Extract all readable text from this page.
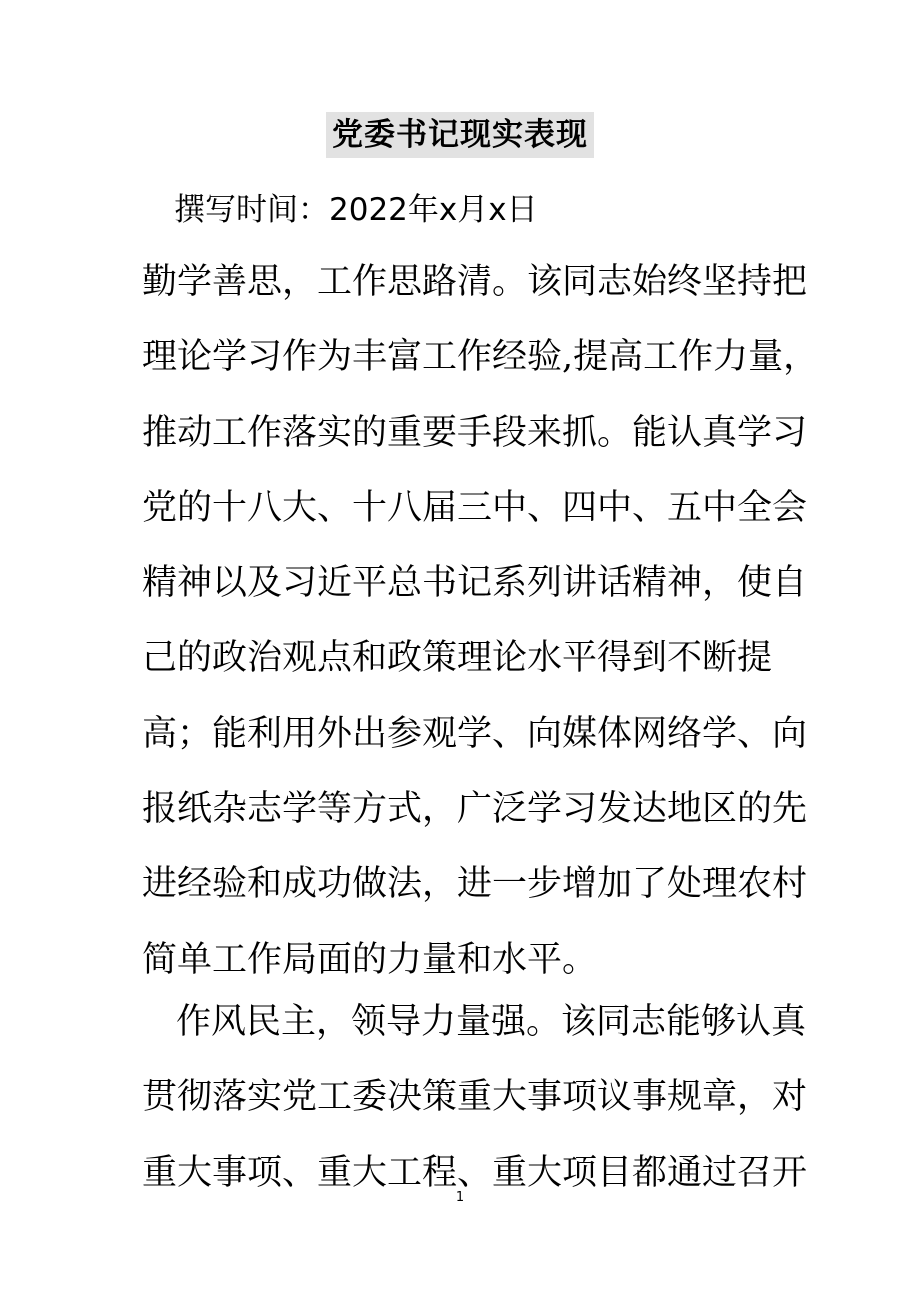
党委书记现实表现
撰写时间：2022年x月x日
勤学善思，工作思路清。该同志始终坚持把
理论学习作为丰富工作经验,提高工作力量，
推动工作落实的重要手段来抓。能认真学习
党的十八大、十八届三中、四中、五中全会
精神以及习近平总书记系列讲话精神，使自
己的政治观点和政策理论水平得到不断提
高；能利用外出参观学、向媒体网络学、向
报纸杂志学等方式，广泛学习发达地区的先
进经验和成功做法，进一步增加了处理农村
简单工作局面的力量和水平。
作风民主，领导力量强。该同志能够认真
贯彻落实党工委决策重大事项议事规章，对
重大事项、重大工程、重大项目都通过召开
1
